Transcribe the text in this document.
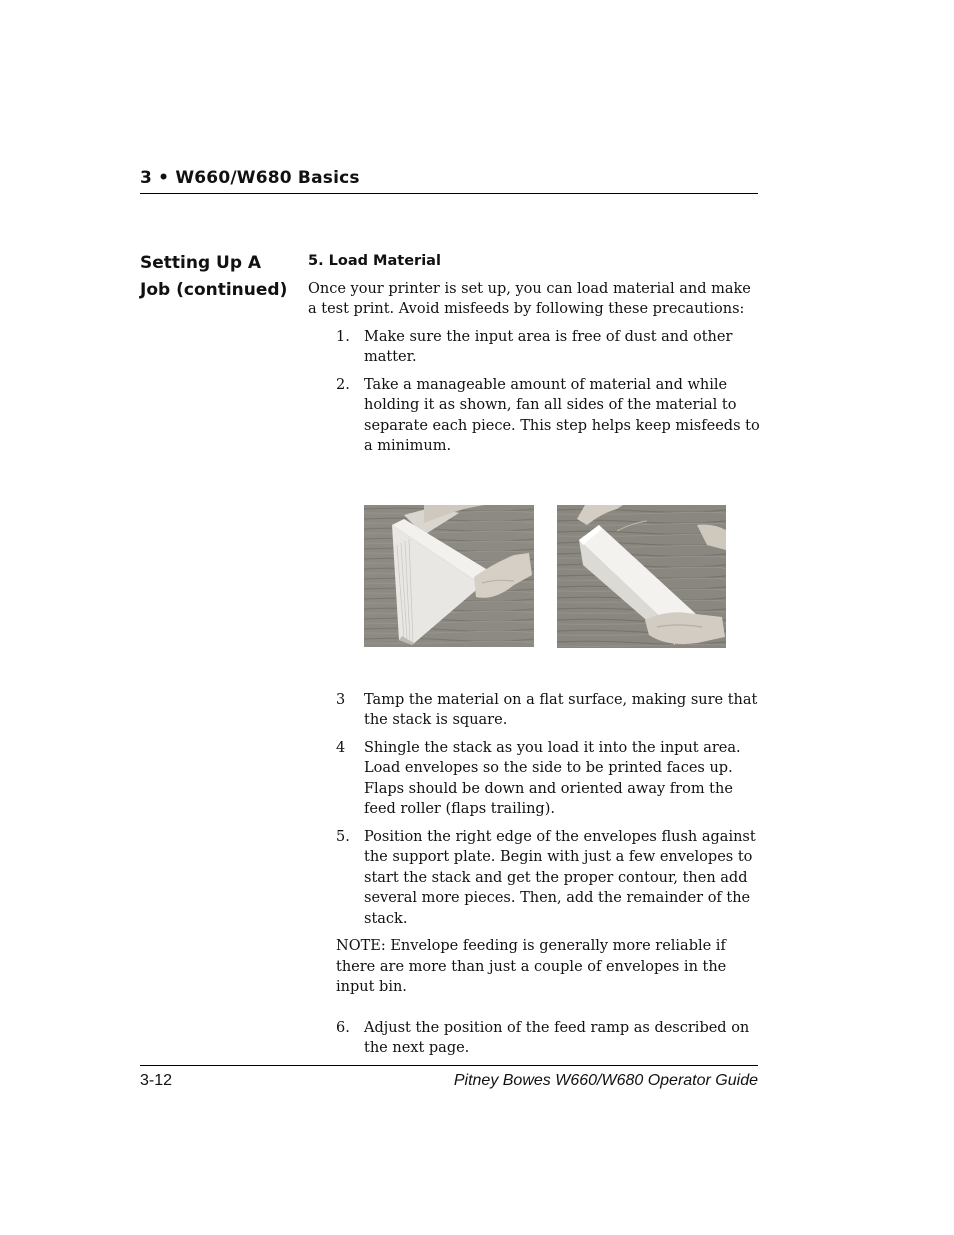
3 • W660/W680 Basics
Setting Up A
Job (continued)
5. Load Material

Once your printer is set up, you can load material and make a test print. Avoid misfeeds by following these precautions:

1. Make sure the input area is free of dust and other matter.
2. Take a manageable amount of material and while holding it as shown, fan all sides of the material to separate each piece. This step helps keep misfeeds to a minimum.
3 Tamp the material on a flat surface, making sure that the stack is square.
4 Shingle the stack as you load it into the input area. Load envelopes so the side to be printed faces up. Flaps should be down and oriented away from the feed roller (flaps trailing).
5. Position the right edge of the envelopes flush against the support plate. Begin with just a few envelopes to start the stack and get the proper contour, then add several more pieces. Then, add the remainder of the stack.

NOTE: Envelope feeding is generally more reliable if there are more than just a couple of envelopes in the input bin.

6. Adjust the position of the feed ramp as described on the next page.
3-12	Pitney Bowes W660/W680 Operator Guide
